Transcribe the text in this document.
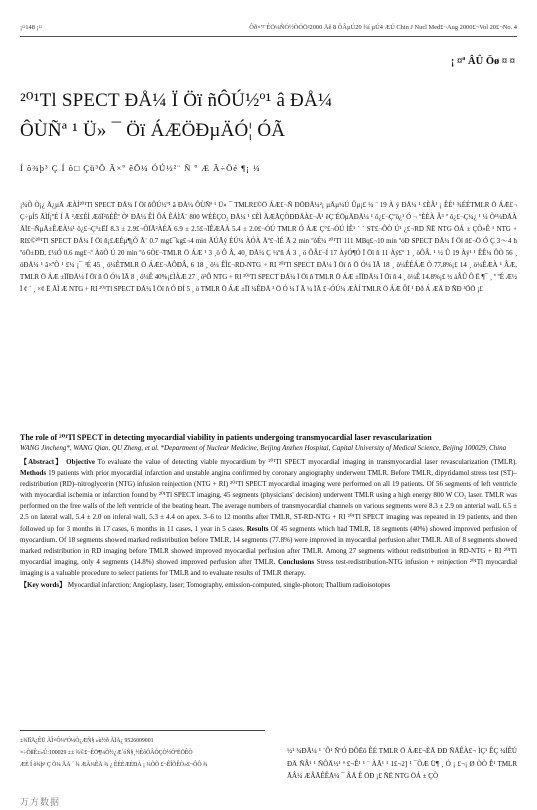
¡¤148 ¡¤	Ôð×ª²¨ÉÖ¼ÑÓ½ÒÓÖ²2000 Äê 8 ÔÂµÚ20 ¾í µÚ4 ÆÚ Chin J Nucl Med£¬Aug 2000£¬Vol 20£¬No. 4
¡ ¤ª ÂÛ Öø ¤ ¤
²⁰¹Tl SPECT ÐÅ¼ Ï Öï ñÔÚ½º¹ â ÐÅ¼
ÔÙÑª ¹ Ü» ¯ Öï ÁÆÖÐµÄÓ¦ ÓÃ
Í õ¾þ³ Ç Í õ□ Çü³Ö Ã×º êÕ¼ ÓÚ½²¨ Ñ º Æ Ã÷Öé ¶¡ ¼

¡¾Õ Ò¡¿ Ä¿µÄ ÆÀÍ²⁰¹Tl SPECT ÐÅ¼ Ï Öï ñÔÚ½º¹ â ÐÅ¼ ÔÙÑª ¹ Ü» ¯ TMLR£©Ö ÁÆ£¬Ñ ÐÖÐÅ¼²¡ µÄµ¼Ú Ûµ¡£ ¼ ¨ 19 À ý ÐÅ¼ ¹ £ÈÂ¹ ¡ ÊÉ¹ ¾ÉÉTMLR Ö ÁÆ£¬ Ç÷µÍ5 ÃÌÍ¡ºÉ Í Ã ²Æ£ÉÌ ÆôÏ²ôÉÊº Ò¹ ÐÅ¼ ÊÍ ÔÁ ÊÁÌÃ¨ 800 WÉÈÇO₂ ÐÅ¼ ¹ £ÈÌ ÄÆÃÇÒÐÐÄÀ£¬Ä¹ êÇ¨ÉÖµÄÐÅ¼ ¹ ô¿£¬Çºö¿¹ Ó ¬ ºÈÉÀ Â³ º ô¿£¬Ç¼¿ ¹ ¼ Õ¹¼ÐÅÀ ÄÏ£¬ÑµÄ±ÊÆÀ¼¹ ô¿£¬Ç³±ËÏ 8.3 ± 2.9£¬ÕÏÃ²ÀÉÄ 6.9 ± 2.5£¬ÏÊÆÃÀ 5.4 ± 2.0£¬ÓÚ TMLR Ó ÁÆ Ç°£¬ÓÚ ÌÊ¹ ´ ´ ST£¬ÔÒ Ú¹ ¿£¬RD ÑË NTG ÖÁ ± ÇÕ»Ê ¹ NTG + RI£©²⁰¹Tl SPECT ÐÅ¼ Ï Öï ñ¡£ÆÉµ¶¡Ò Ã¨ 0.7 mg£¯kg£¬4 min ÄÚÃý ÉÚ¼ ÀÓÀ Äº£¬ÌÉ Ã 2 min ºóÉ¼ ²⁰¹Tl 111 MBq£¬10 min ºóÐ SPECT ÐÅ¼ Ï Öï ñ£¬Ö Ó Ç 3～4 h ºóÖ±ÐÐ, £¼Ó 0.6 mg£¬º ÀôÕ Ú 20 min ºó 6Ò£¬TMLR Ö ÁÆ ¹ 3 ¸ö Ô Â, 40¸ ÐÅ¼ Ç ¼ºñ Á 3 ¸ ö ÔÂ£¬Í 17 ÀýÓ¶Ó Ï Öï ñ 11 Àý£º 1 ¸ öÔÂ. ¹ ½ Û 19 Àý¹ ¹ ÊÊ¼ ÔÒ 56 ¸ öÐÅ¼ ¹ â×ºÕ ¹ £¼ ¡¯ ³É 45 ¸ ö¼ÊTMLR Ö ÁÆ£¬ÅÔÐÂ, 6 18 ¸ ö¼ ÊÌ£¬RD-NTG + RI ²⁰¹Tl SPECT ÐÅ¼ Ï Öï ñ Ö Ó¼ ÏÃ 18 ¸ ö¼ÊÉÁÆ Ò 77.8%¡£ 14 ¸ ö¼ÊÆÀ ¹ ÂÆ, TMLR Ö ÁÆ ±ÏÏÐÅ¼ Ï Öï ñ Ö Ó¼ ÏÃ 8 ¸ ö¼Ê 40%¡£ÌÀÆ 27 ¸ ö²Ô NTG + RI ²⁰¹Tl SPECT ÐÅ¼ Ï Öï ñ TMLR Ö ÁÆ ±ÏÏÐÅ¼ Ï Öï ñ 4 ¸ ö¼Ê 14.8%¡£ ½ áÂÛ Ô Ë ¶¯ ¸ º ºÉ Æ½ Ï ¢ ´ ¸ ×¢ Ë ÃÌ Æ NTG + RI ²⁰¹Tl SPECT ÐÅ¼ Ï Öï ñ Ó ÐÍ 5 ¸ ö TMLR Ö ÁÆ ±ÏÏ ¼ÊÐÅ ³ Ö Ó ¼ Ï Ã ¼ ÏÃ £¬ÓÚ¼ ÆÀÍ TMLR Ö ÁÆ ÔÏ ¹ Ðð Á ÆÄ Ð ÑÐ ³ÖÖ ¡£

The role of ²⁰¹Tl SPECT in detecting myocardial viability in patients undergoing transmyocardial laser revascularization

WANG Jincheng*, WANG Qian, QU Zheng, et al. *Department of Nuclear Medicine, Beijing Anzhen Hospital, Capital University of Medical Science, Beijing 100029, China

【Abstract】 Objective To evaluate the value of detecting viable myocardium by ²⁰¹Tl SPECT myocardial imaging in transmyocardial laser revascularization (TMLR). Methods 19 patients with prior myocardial infarction and unstable angina confirmed by coronary angiography underwent TMLR. Before TMLR, dipyridamol stress test (ST)–redistribution (RD)–nitroglycerin (NTG) infusion reinjection (NTG + RI) ²⁰¹Tl SPECT myocardial imaging were performed on all 19 patients. Of 56 segments of left ventricle with myocardial ischemia or infarction found by ²⁰¹Tl SPECT imaging, 45 segments (physicians' decision) underwent TMLR using a high energy 800 W CO₂ laser. TMLR was performed on the free walls of the left ventricle of the beating heart. The average numbers of transmyocardial channels on various segments were 8.3 ± 2.9 on anterial wall, 6.5 ± 2.5 on lateral wall, 5.4 ± 2.0 on inferal wall, 5.3 ± 4.4 on apex. 3–6 to 12 months after TMLR, ST-RD-NTG + RI ²⁰¹Tl SPECT imaging was repeated in 19 patients, and then followed up for 3 months in 17 cases, 6 months in 11 cases, 1 year in 5 cases. Results Of 45 segments which had TMLR, 18 segments (40%) showed improved perfusion of myocardium. Of 18 segments showed marked redistribution before TMLR, 14 segments (77.8%) were improved in myocardial perfusion after TMLR. All of 8 segments showed marked redistribution in RD imaging before TMLR showed improved myocardial perfusion after TMLR. Among 27 segments without redistribution in RD-NTG + RI ²⁰¹Tl myocardial imaging, only 4 segments (14.8%) showed improved perfusion after TMLR. Conclusions Stress test-redistribution-NTG infusion + reinjection ²⁰¹Tl myocardial imaging is a valuable procedure to select patients for TMLR and to evaluate results of TMLR therapy.

【Key words】 Myocardial infarction; Angioplasty, laser; Tomography, emission-computed, single-photon; Thallium radioisotopes

±¾ÏîÄ¿ÊÜ ÃÎ×Ô¼ºÓ¼Ò¿ÆÑ§ »ù½ð ÃÏÄ¿ 9526009001

×÷ÕßÊ±»Ú:100029 ±± ¾©£¬ÊÖ¶¼Ò½¿Æ´óÑ§¸½ÊôÔÂÕÇÒ½ÔºÉÖÊÒ

ÆÈ Í õ¾þ³ Ç Õ¼ ÅÄ ´ ¾ ÆÀ¼ÊÄ ¾ ¿ ÊÉÈÆÉÐÀ ¡ ¼ÕÕ £¬ÊÎÕÊÒ»£¬ÔÔ ¾

½¹ ¾ÐÅ¼ ¹ ¨Ô¹ ÑºÓ ÐÔËõ ÊÉ TMLR Ö ÁÆ£¬ÈÃ ÐÐ ÑÄÊÀ£¬ ÌÇ¹ ÊÇ ¾ÍÊÚ ÐÄ ÑÂ¹ ¹ ÑÔÄ½¹ ª £¬Ê¹ ¹ ¨ ÀÃ¹ ¹ 1£¬2] ¹ ¯ÕÆ Ü¶ ¸ Ó ¡ £¬¡ Ø ÒÒ Ê¹ TMLR ÃÂ¼ ÆÂÃÊÊÅ¼ ¯ ÂÄ Ê ÖÐ ¡£ ÑË NTG ÖÁ ± ÇÕ

万方数据
